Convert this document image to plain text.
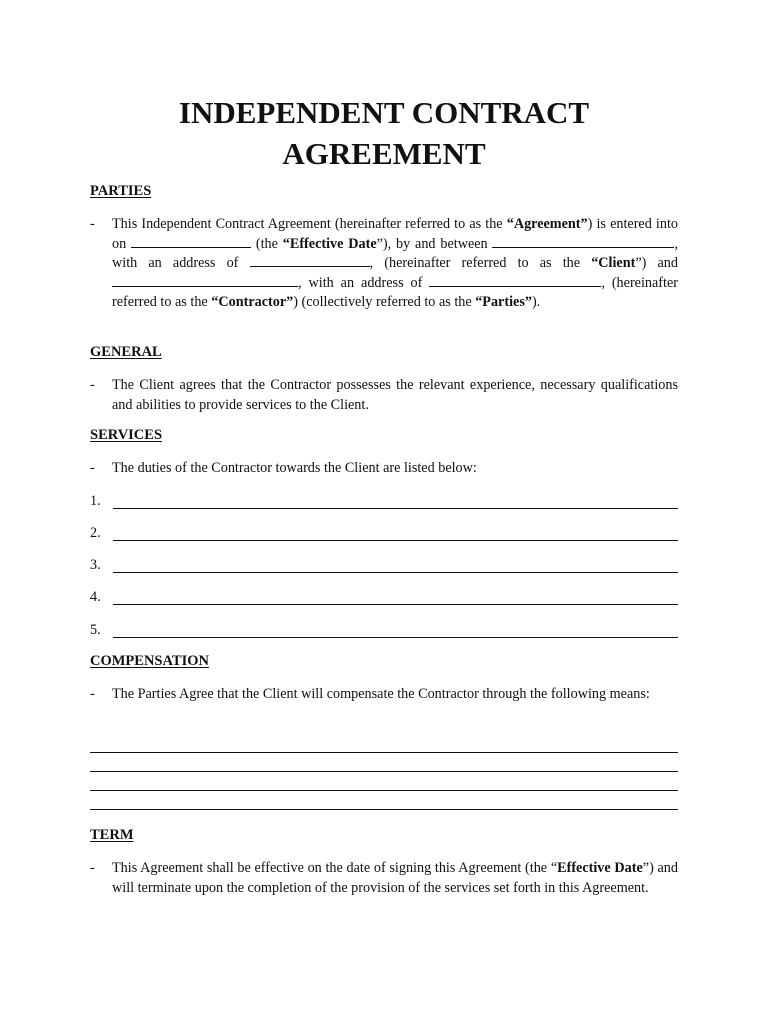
INDEPENDENT CONTRACT
AGREEMENT
PARTIES
- This Independent Contract Agreement (hereinafter referred to as the “Agreement”) is entered into on	(the “Effective Date”), by and between	, with an address of	, (hereinafter referred to as the “Client”) and , with an address of	, (hereinafter referred to as the “Contractor”) (collectively referred to as the “Parties”).
GENERAL
- The Client agrees that the Contractor possesses the relevant experience, necessary qualifications and abilities to provide services to the Client.
SERVICES
- The duties of the Contractor towards the Client are listed below:
1.
2.
3.
4.
5.
COMPENSATION
- The Parties Agree that the Client will compensate the Contractor through the following means:
TERM
- This Agreement shall be effective on the date of signing this Agreement (the “Effective Date”) and will terminate upon the completion of the provision of the services set forth in this Agreement.
